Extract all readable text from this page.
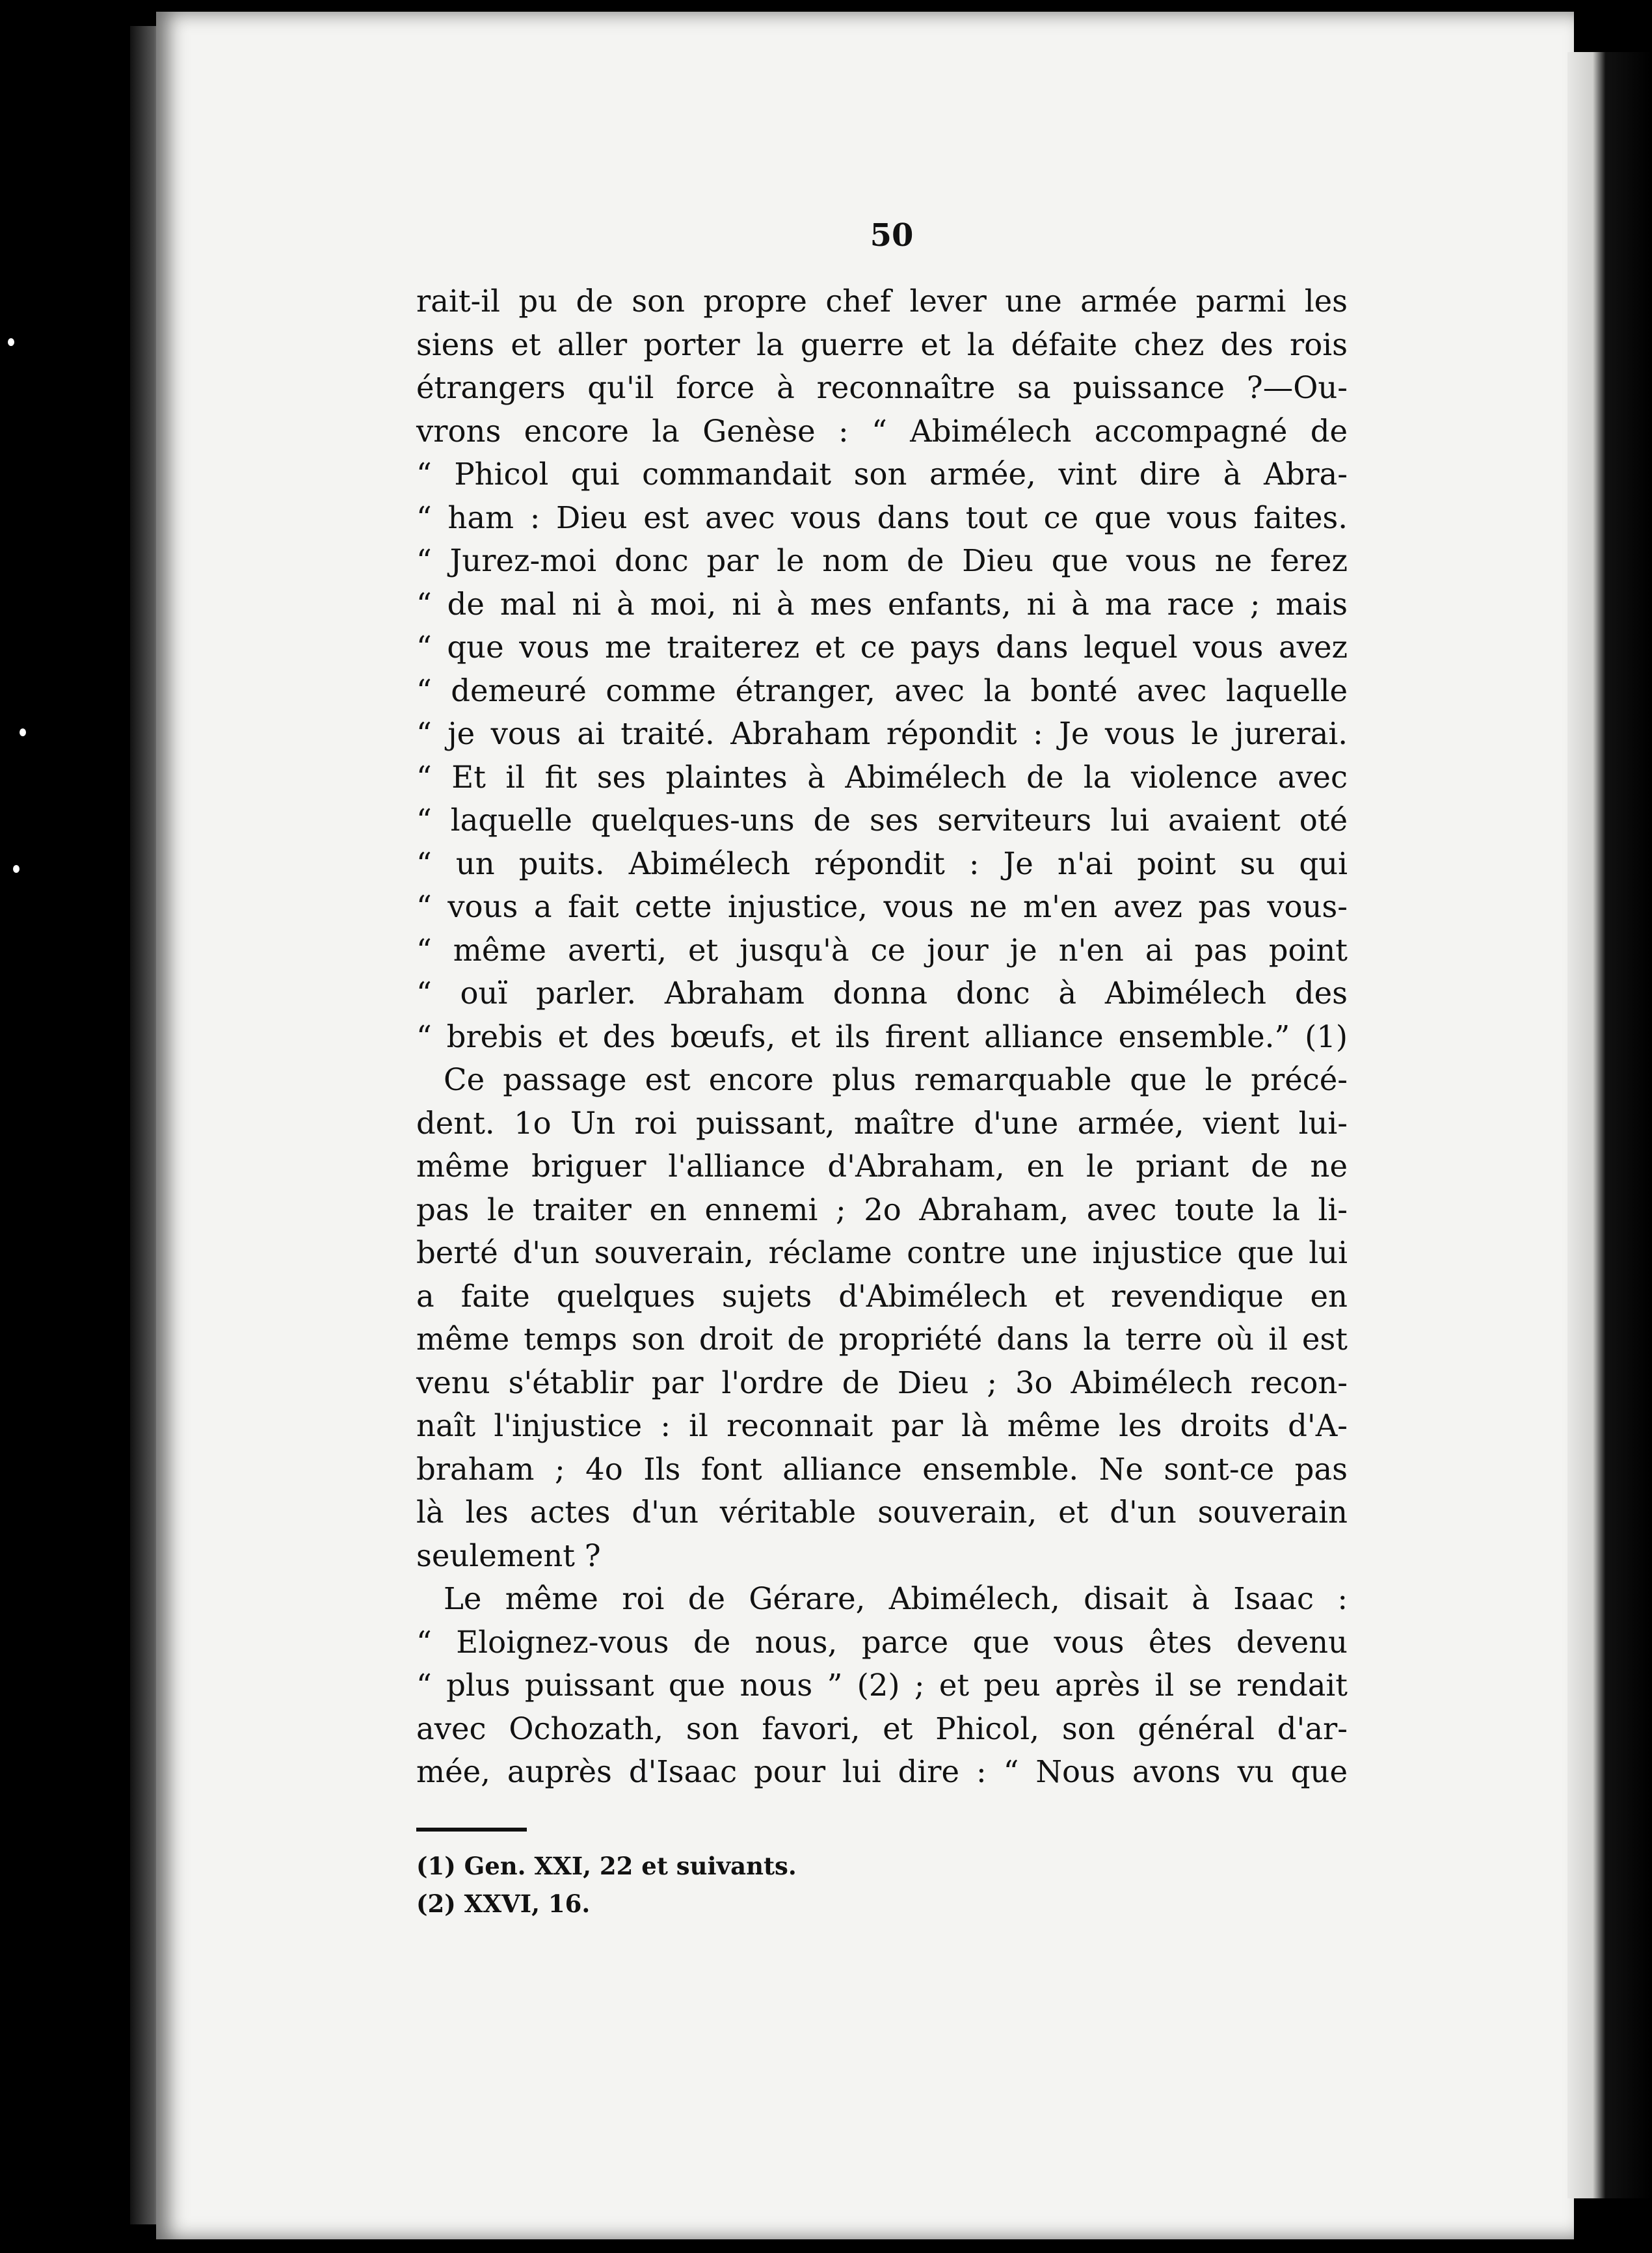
50
rait-il pu de son propre chef lever une armée parmi les
siens et aller porter la guerre et la défaite chez des rois
étrangers qu'il force à reconnaître sa puissance ?—Ou-
vrons encore la Genèse : “ Abimélech accompagné de
“ Phicol qui commandait son armée, vint dire à Abra-
“ ham : Dieu est avec vous dans tout ce que vous faites.
“ Jurez-moi donc par le nom de Dieu que vous ne ferez
“ de mal ni à moi, ni à mes enfants, ni à ma race ; mais
“ que vous me traiterez et ce pays dans lequel vous avez
“ demeuré comme étranger, avec la bonté avec laquelle
“ je vous ai traité. Abraham répondit : Je vous le jurerai.
“ Et il fit ses plaintes à Abimélech de la violence avec
“ laquelle quelques-uns de ses serviteurs lui avaient oté
“ un puits. Abimélech répondit : Je n'ai point su qui
“ vous a fait cette injustice, vous ne m'en avez pas vous-
“ même averti, et jusqu'à ce jour je n'en ai pas point
“ ouï parler. Abraham donna donc à Abimélech des
“ brebis et des bœufs, et ils firent alliance ensemble.” (1)
Ce passage est encore plus remarquable que le précé-
dent. 1o Un roi puissant, maître d'une armée, vient lui-
même briguer l'alliance d'Abraham, en le priant de ne
pas le traiter en ennemi ; 2o Abraham, avec toute la li-
berté d'un souverain, réclame contre une injustice que lui
a faite quelques sujets d'Abimélech et revendique en
même temps son droit de propriété dans la terre où il est
venu s'établir par l'ordre de Dieu ; 3o Abimélech recon-
naît l'injustice : il reconnait par là même les droits d'A-
braham ; 4o Ils font alliance ensemble. Ne sont-ce pas
là les actes d'un véritable souverain, et d'un souverain
seulement ?
Le même roi de Gérare, Abimélech, disait à Isaac :
“ Eloignez-vous de nous, parce que vous êtes devenu
“ plus puissant que nous ” (2) ; et peu après il se rendait
avec Ochozath, son favori, et Phicol, son général d'ar-
mée, auprès d'Isaac pour lui dire : “ Nous avons vu que
(1) Gen. XXI, 22 et suivants.
(2) XXVI, 16.
